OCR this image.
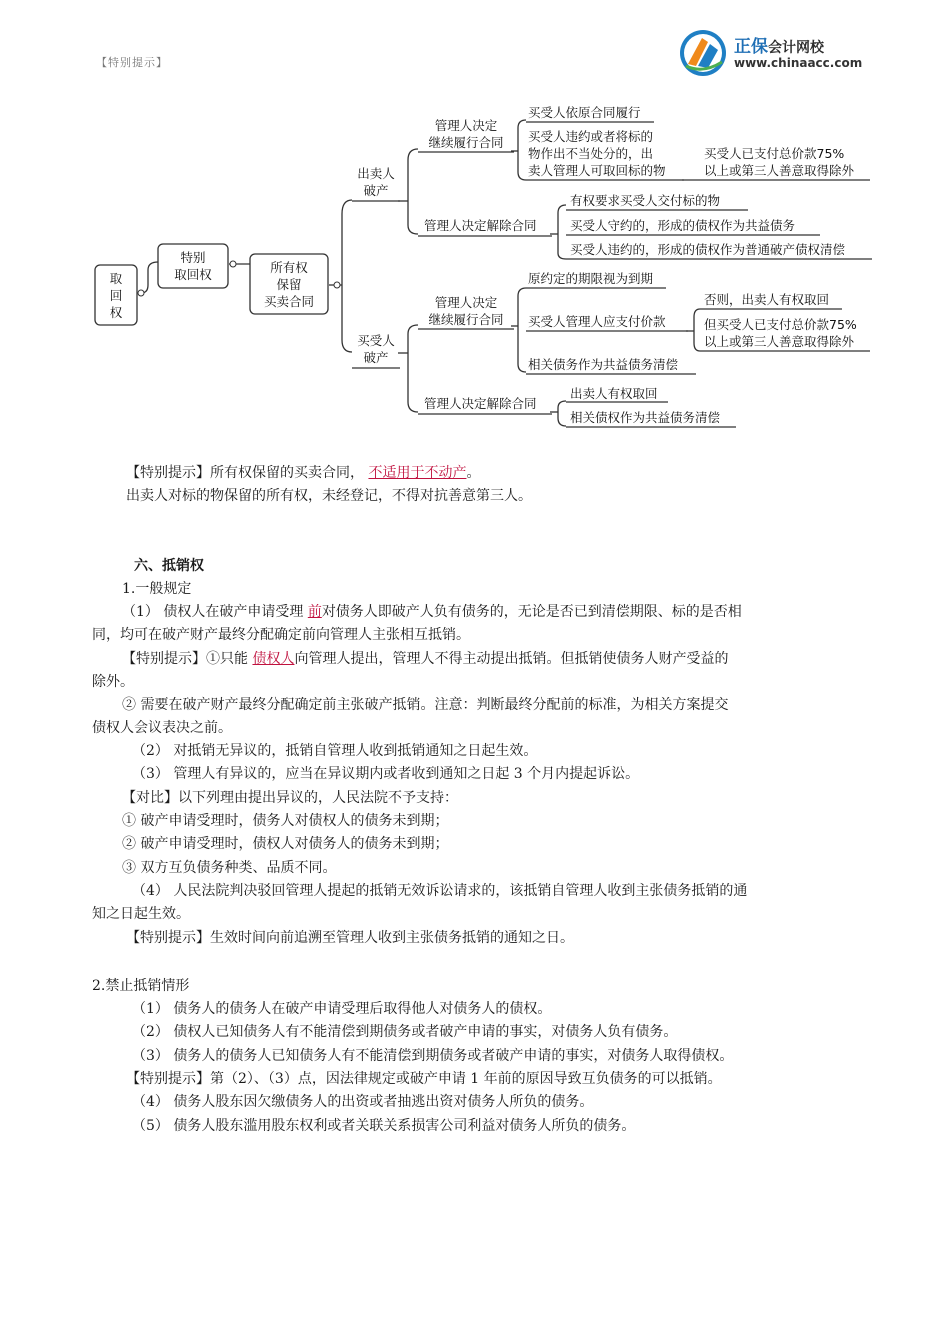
【特别提示】
正保会计网校
www.chinaacc.com
取
回
权
特别
取回权	所有权
保留
买卖合同
出卖人
破产
买受人
破产
管理人决定
继续履行合同
管理人决定解除合同
买受人依原合同履行
买受人违约或者将标的
物作出不当处分的，出
卖人管理人可取回标的物
买受人已支付总价款75%
以上或第三人善意取得除外
有权要求买受人交付标的物
买受人守约的，形成的债权作为共益债务
买受人违约的，形成的债权作为普通破产债权清偿
管理人决定
继续履行合同
管理人决定解除合同
原约定的期限视为到期
买受人管理人应支付价款
相关债务作为共益债务清偿
否则，出卖人有权取回
但买受人已支付总价款75%
以上或第三人善意取得除外
出卖人有权取回
相关债权作为共益债务清偿
【特别提示】所有权保留的买卖合同， 不适用于不动产。
出卖人对标的物保留的所有权，未经登记，不得对抗善意第三人。
六、抵销权
1.一般规定
（1） 债权人在破产申请受理 前对债务人即破产人负有债务的，无论是否已到清偿期限、标的是否相
同，均可在破产财产最终分配确定前向管理人主张相互抵销。
【特别提示】①只能 债权人向管理人提出，管理人不得主动提出抵销。但抵销使债务人财产受益的
除外。
② 需要在破产财产最终分配确定前主张破产抵销。注意：判断最终分配前的标准，为相关方案提交
债权人会议表决之前。
（2） 对抵销无异议的，抵销自管理人收到抵销通知之日起生效。
（3） 管理人有异议的，应当在异议期内或者收到通知之日起 3 个月内提起诉讼。
【对比】以下列理由提出异议的，人民法院不予支持：
① 破产申请受理时，债务人对债权人的债务未到期；
② 破产申请受理时，债权人对债务人的债务未到期；
③ 双方互负债务种类、品质不同。
（4） 人民法院判决驳回管理人提起的抵销无效诉讼请求的，该抵销自管理人收到主张债务抵销的通
知之日起生效。
【特别提示】生效时间向前追溯至管理人收到主张债务抵销的通知之日。
2.禁止抵销情形
（1） 债务人的债务人在破产申请受理后取得他人对债务人的债权。
（2） 债权人已知债务人有不能清偿到期债务或者破产申请的事实，对债务人负有债务。
（3） 债务人的债务人已知债务人有不能清偿到期债务或者破产申请的事实，对债务人取得债权。
【特别提示】第（2）、（3）点，因法律规定或破产申请 1 年前的原因导致互负债务的可以抵销。
（4） 债务人股东因欠缴债务人的出资或者抽逃出资对债务人所负的债务。
（5） 债务人股东滥用股东权利或者关联关系损害公司利益对债务人所负的债务。
